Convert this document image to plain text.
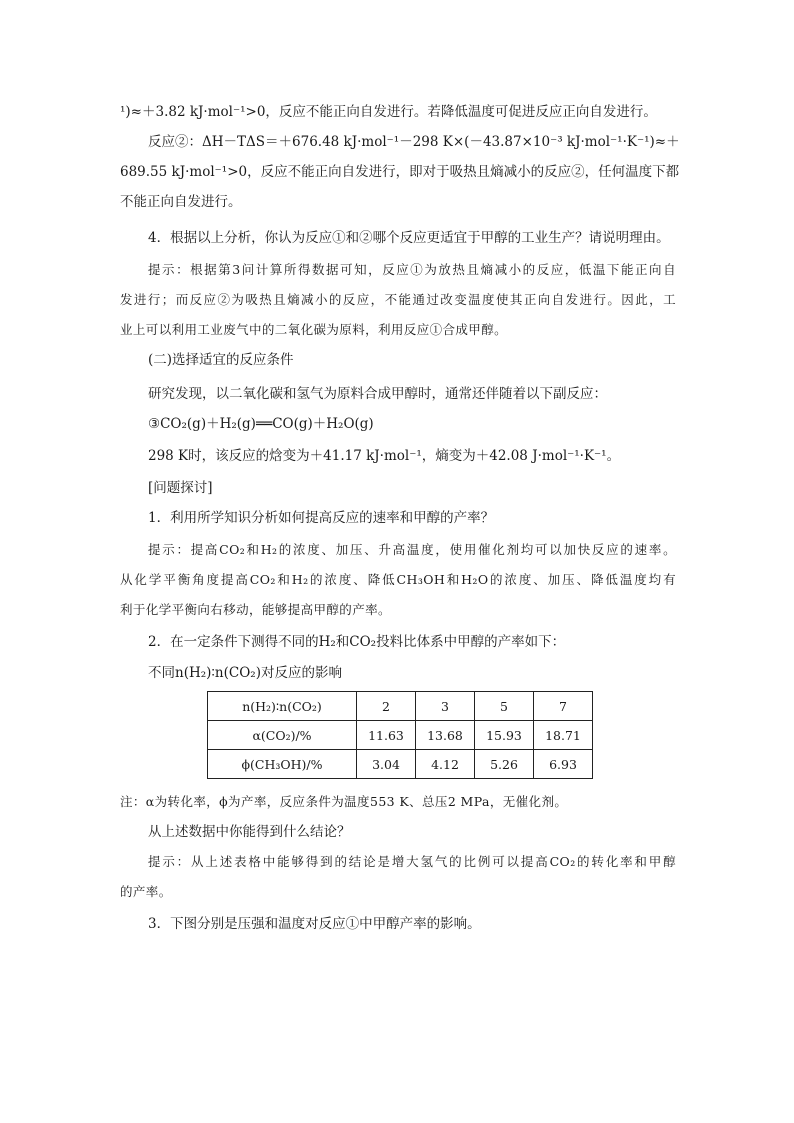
¹)≈＋3.82 kJ·mol⁻¹>0，反应不能正向自发进行。若降低温度可促进反应正向自发进行。
反应②：ΔH－TΔS＝＋676.48 kJ·mol⁻¹－298 K×(－43.87×10⁻³ kJ·mol⁻¹·K⁻¹)≈＋
689.55 kJ·mol⁻¹>0，反应不能正向自发进行，即对于吸热且熵减小的反应②，任何温度下都
不能正向自发进行。
4．根据以上分析，你认为反应①和②哪个反应更适宜于甲醇的工业生产？请说明理由。
提示：根据第3问计算所得数据可知，反应①为放热且熵减小的反应，低温下能正向自
发进行；而反应②为吸热且熵减小的反应，不能通过改变温度使其正向自发进行。因此，工
业上可以利用工业废气中的二氧化碳为原料，利用反应①合成甲醇。
(二)选择适宜的反应条件
研究发现，以二氧化碳和氢气为原料合成甲醇时，通常还伴随着以下副反应：
③CO₂(g)＋H₂(g)══CO(g)＋H₂O(g)
298 K时，该反应的焓变为＋41.17 kJ·mol⁻¹，熵变为＋42.08 J·mol⁻¹·K⁻¹。
[问题探讨]
1．利用所学知识分析如何提高反应的速率和甲醇的产率？
提示：提高CO₂和H₂的浓度、加压、升高温度，使用催化剂均可以加快反应的速率。
从化学平衡角度提高CO₂和H₂的浓度、降低CH₃OH和H₂O的浓度、加压、降低温度均有
利于化学平衡向右移动，能够提高甲醇的产率。
2．在一定条件下测得不同的H₂和CO₂投料比体系中甲醇的产率如下：
不同n(H₂)∶n(CO₂)对反应的影响
n(H₂)∶n(CO₂)	2	3	5	7
α(CO₂)/%	11.63	13.68	15.93	18.71
ϕ(CH₃OH)/%	3.04	4.12	5.26	6.93
注：α为转化率，ϕ为产率，反应条件为温度553 K、总压2 MPa，无催化剂。
从上述数据中你能得到什么结论？
提示：从上述表格中能够得到的结论是增大氢气的比例可以提高CO₂的转化率和甲醇
的产率。
3．下图分别是压强和温度对反应①中甲醇产率的影响。
